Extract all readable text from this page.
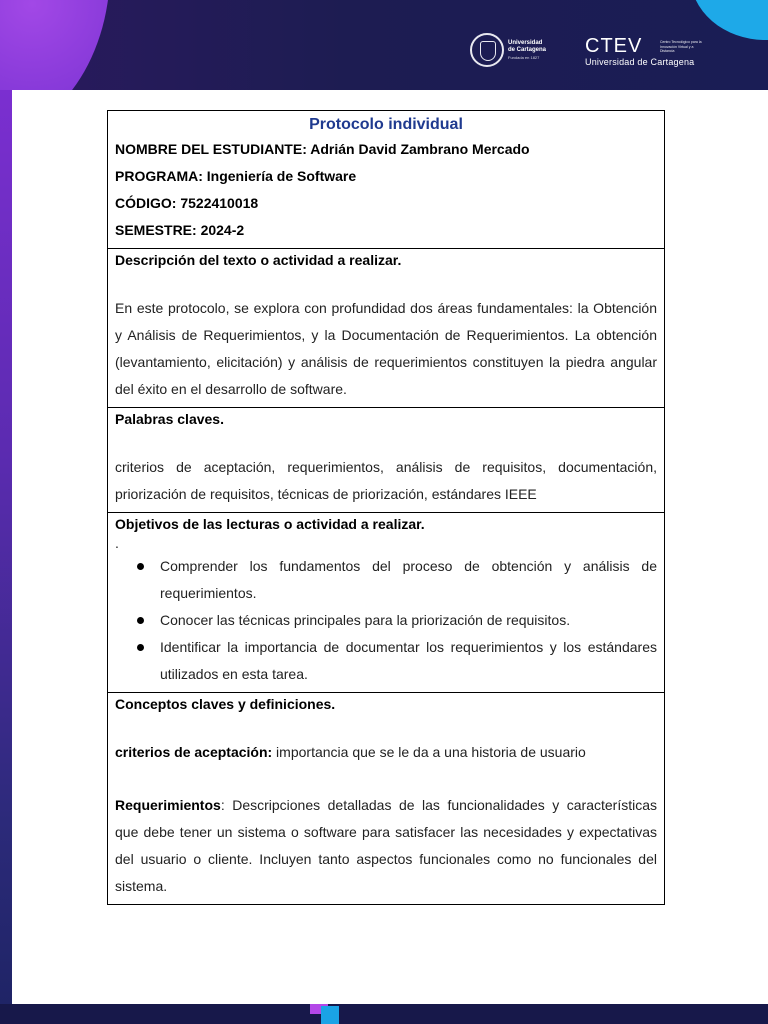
Universidad
de Cartagena
Fundada en 1827	CTEV	Centro Tecnológico para la Innovación Virtual y a Distancia
Universidad de Cartagena
Protocolo individual
NOMBRE DEL ESTUDIANTE: Adrián David Zambrano Mercado
PROGRAMA: Ingeniería de Software
CÓDIGO: 7522410018
SEMESTRE: 2024-2
Descripción del texto o actividad a realizar.

En este protocolo, se explora con profundidad dos áreas fundamentales: la Obtención y Análisis de Requerimientos, y la Documentación de Requerimientos. La obtención (levantamiento, elicitación) y análisis de requerimientos constituyen la piedra angular del éxito en el desarrollo de software.

Palabras claves.

criterios de aceptación, requerimientos, análisis de requisitos, documentación, priorización de requisitos, técnicas de priorización, estándares IEEE

Objetivos de las lecturas o actividad a realizar.
.
Comprender los fundamentos del proceso de obtención y análisis de requerimientos.
Conocer las técnicas principales para la priorización de requisitos.
Identificar la importancia de documentar los requerimientos y los estándares utilizados en esta tarea.
Conceptos claves y definiciones.

criterios de aceptación: importancia que se le da a una historia de usuario

Requerimientos: Descripciones detalladas de las funcionalidades y características que debe tener un sistema o software para satisfacer las necesidades y expectativas del usuario o cliente. Incluyen tanto aspectos funcionales como no funcionales del sistema.
